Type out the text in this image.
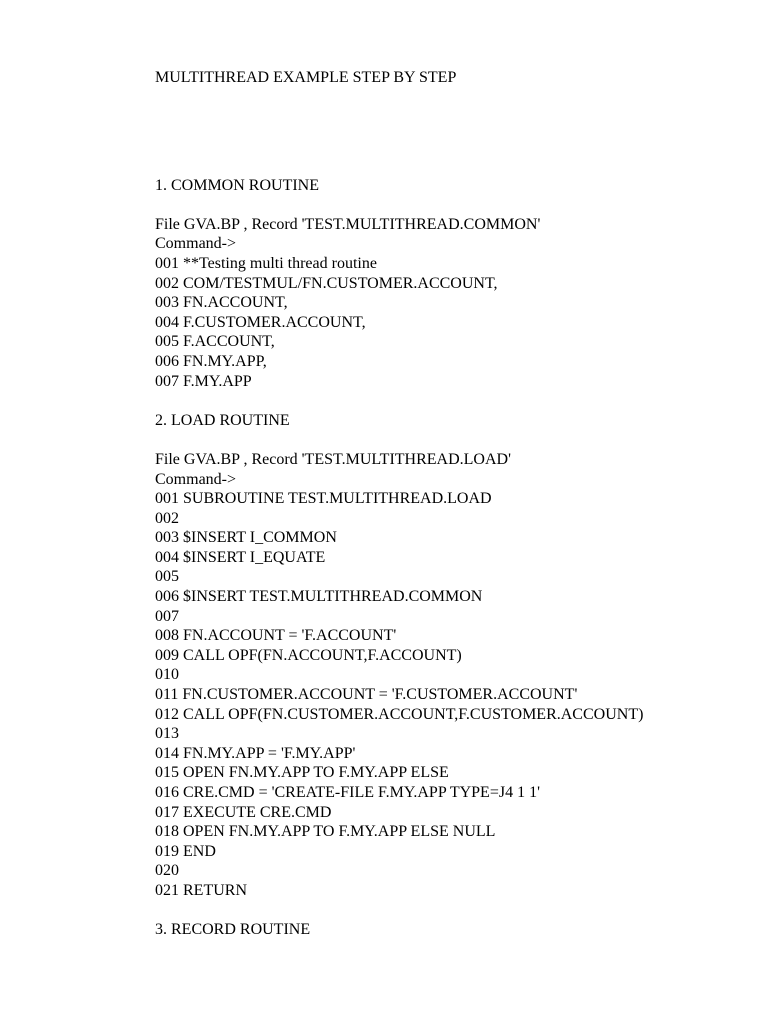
MULTITHREAD EXAMPLE STEP BY STEP
1. COMMON ROUTINE
File GVA.BP , Record 'TEST.MULTITHREAD.COMMON'
Command->
001 **Testing multi thread routine
002 COM/TESTMUL/FN.CUSTOMER.ACCOUNT,
003 FN.ACCOUNT,
004 F.CUSTOMER.ACCOUNT,
005 F.ACCOUNT,
006 FN.MY.APP,
007 F.MY.APP
2. LOAD ROUTINE
File GVA.BP , Record 'TEST.MULTITHREAD.LOAD'
Command->
001 SUBROUTINE TEST.MULTITHREAD.LOAD
002
003 $INSERT I_COMMON
004 $INSERT I_EQUATE
005
006 $INSERT TEST.MULTITHREAD.COMMON
007
008 FN.ACCOUNT = 'F.ACCOUNT'
009 CALL OPF(FN.ACCOUNT,F.ACCOUNT)
010
011 FN.CUSTOMER.ACCOUNT = 'F.CUSTOMER.ACCOUNT'
012 CALL OPF(FN.CUSTOMER.ACCOUNT,F.CUSTOMER.ACCOUNT)
013
014 FN.MY.APP = 'F.MY.APP'
015 OPEN FN.MY.APP TO F.MY.APP ELSE
016 CRE.CMD = 'CREATE-FILE F.MY.APP TYPE=J4 1 1'
017 EXECUTE CRE.CMD
018 OPEN FN.MY.APP TO F.MY.APP ELSE NULL
019 END
020
021 RETURN
3. RECORD ROUTINE
